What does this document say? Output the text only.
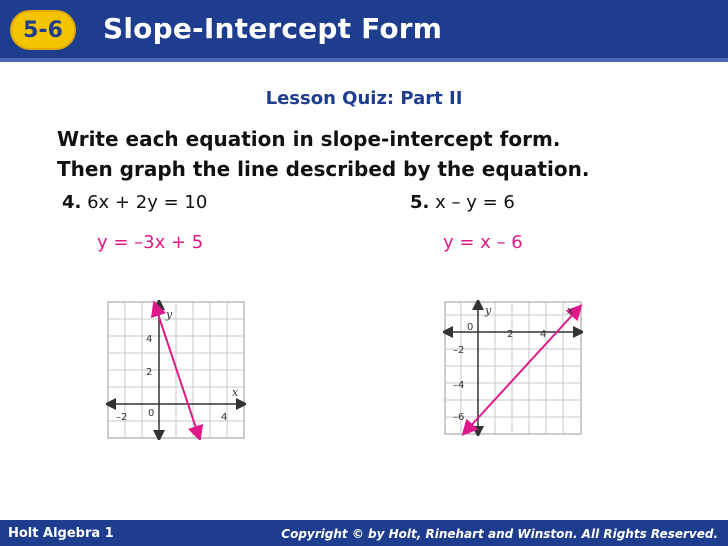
5-6 Slope-Intercept Form
Lesson Quiz: Part II
Write each equation in slope-intercept form.
Then graph the line described by the equation.
4. 6x + 2y = 10	5. x – y = 6
y = –3x + 5	y = x – 6
y
x
4
2
–2 0	4
y	x
0
2	4
–2
–4
–6
Holt Algebra 1	Copyright © by Holt, Rinehart and Winston. All Rights Reserved.
